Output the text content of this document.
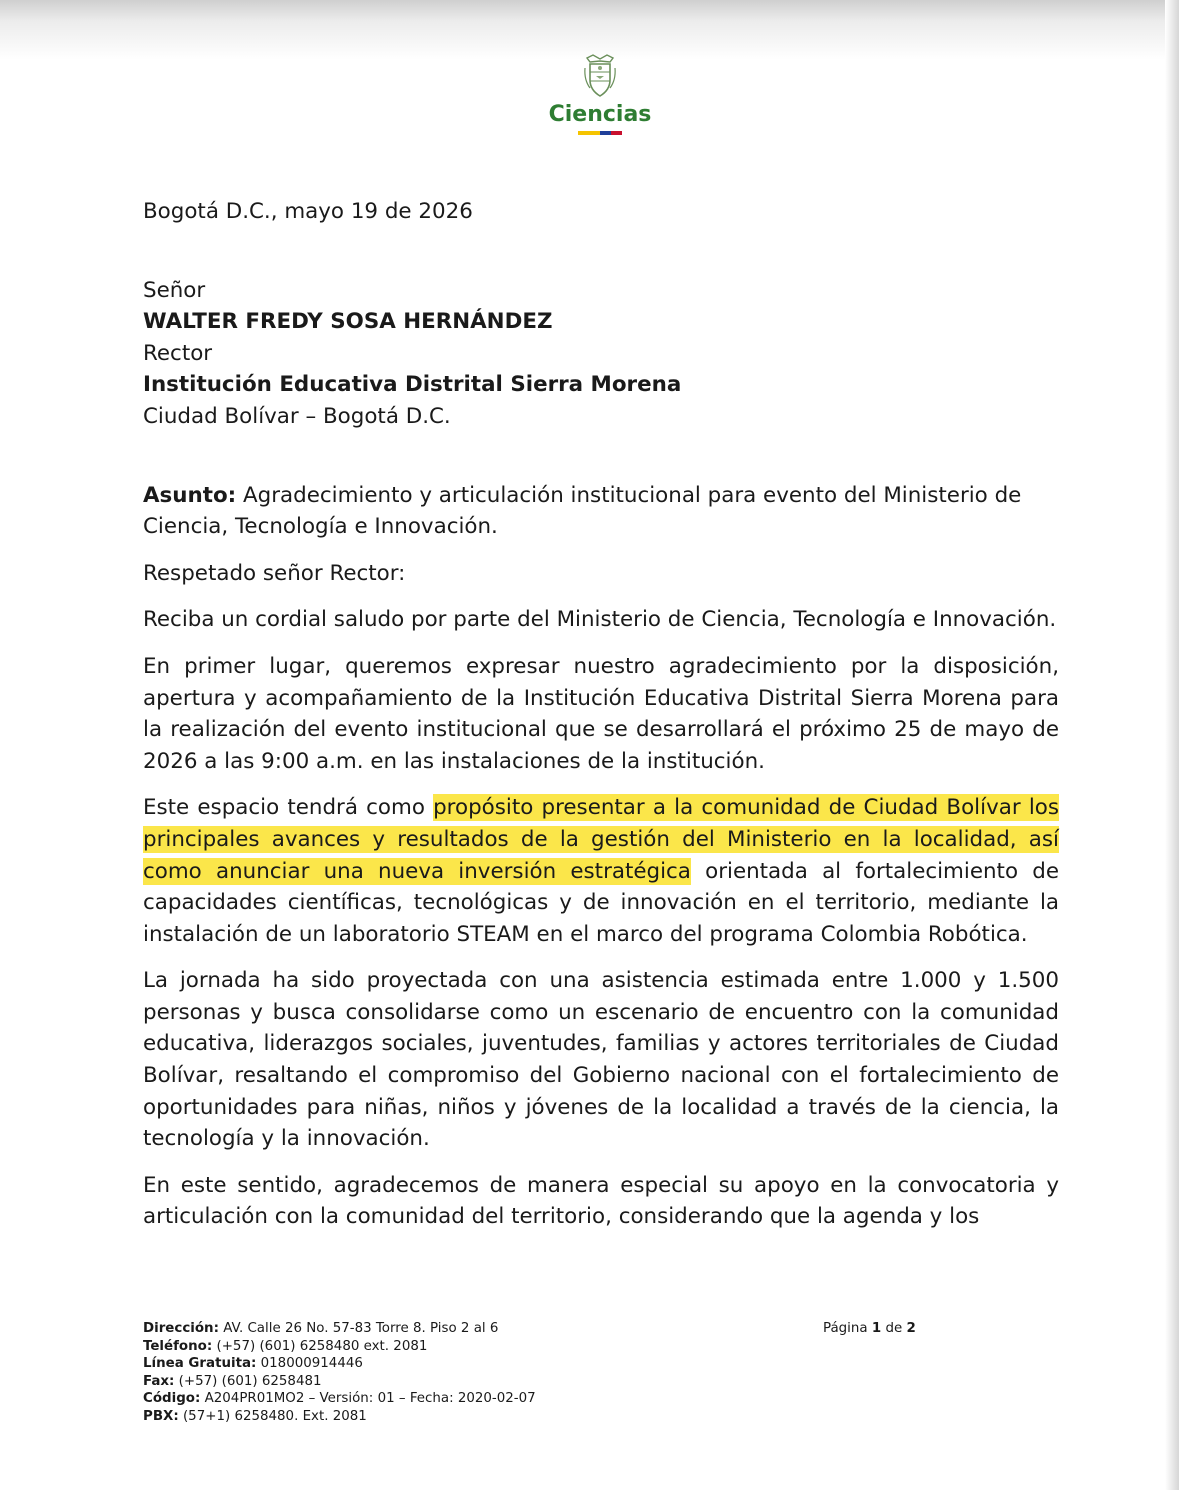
Ciencias

Bogotá D.C., mayo 19 de 2026

Señor

WALTER FREDY SOSA HERNÁNDEZ

Rector

Institución Educativa Distrital Sierra Morena

Ciudad Bolívar – Bogotá D.C.

Asunto: Agradecimiento y articulación institucional para evento del Ministerio de Ciencia, Tecnología e Innovación.

Respetado señor Rector:

Reciba un cordial saludo por parte del Ministerio de Ciencia, Tecnología e Innovación.

En primer lugar, queremos expresar nuestro agradecimiento por la disposición, apertura y acompañamiento de la Institución Educativa Distrital Sierra Morena para la realización del evento institucional que se desarrollará el próximo 25 de mayo de 2026 a las 9:00 a.m. en las instalaciones de la institución.

Este espacio tendrá como propósito presentar a la comunidad de Ciudad Bolívar los principales avances y resultados de la gestión del Ministerio en la localidad, así como anunciar una nueva inversión estratégica orientada al fortalecimiento de capacidades científicas, tecnológicas y de innovación en el territorio, mediante la instalación de un laboratorio STEAM en el marco del programa Colombia Robótica.

La jornada ha sido proyectada con una asistencia estimada entre 1.000 y 1.500 personas y busca consolidarse como un escenario de encuentro con la comunidad educativa, liderazgos sociales, juventudes, familias y actores territoriales de Ciudad Bolívar, resaltando el compromiso del Gobierno nacional con el fortalecimiento de oportunidades para niñas, niños y jóvenes de la localidad a través de la ciencia, la tecnología y la innovación.

En este sentido, agradecemos de manera especial su apoyo en la convocatoria y articulación con la comunidad del territorio, considerando que la agenda y los

Dirección: AV. Calle 26 No. 57-83 Torre 8. Piso 2 al 6
Teléfono: (+57) (601) 6258480 ext. 2081
Línea Gratuita: 018000914446
Fax: (+57) (601) 6258481
Código: A204PR01MO2 – Versión: 01 – Fecha: 2020-02-07
PBX: (57+1) 6258480. Ext. 2081
Página 1 de 2
